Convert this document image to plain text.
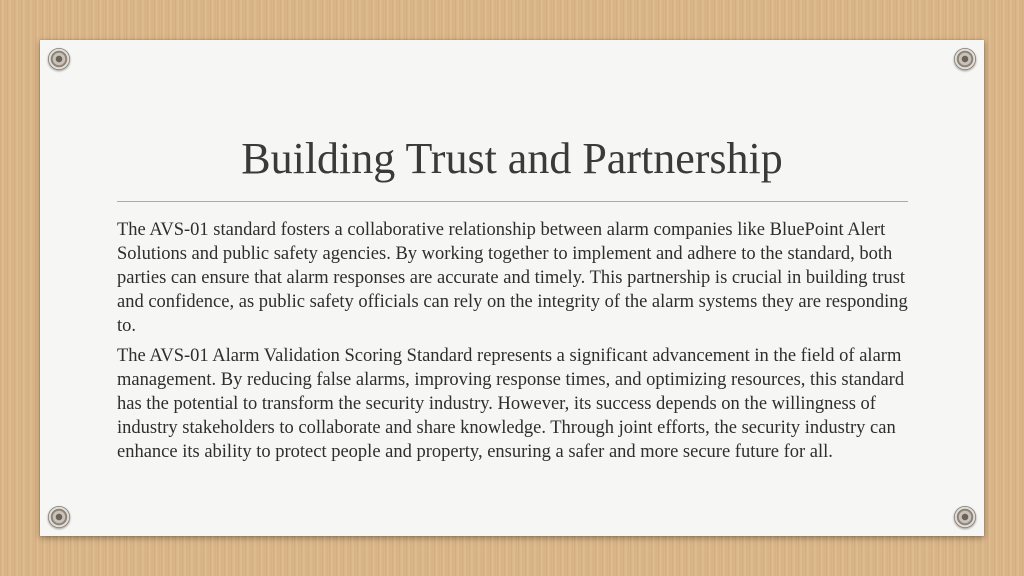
Building Trust and Partnership

The AVS-01 standard fosters a collaborative relationship between alarm companies like BluePoint Alert Solutions and public safety agencies. By working together to implement and adhere to the standard, both parties can ensure that alarm responses are accurate and timely. This partnership is crucial in building trust and confidence, as public safety officials can rely on the integrity of the alarm systems they are responding to.

The AVS-01 Alarm Validation Scoring Standard represents a significant advancement in the field of alarm management. By reducing false alarms, improving response times, and optimizing resources, this standard has the potential to transform the security industry. However, its success depends on the willingness of industry stakeholders to collaborate and share knowledge. Through joint efforts, the security industry can enhance its ability to protect people and property, ensuring a safer and more secure future for all.
